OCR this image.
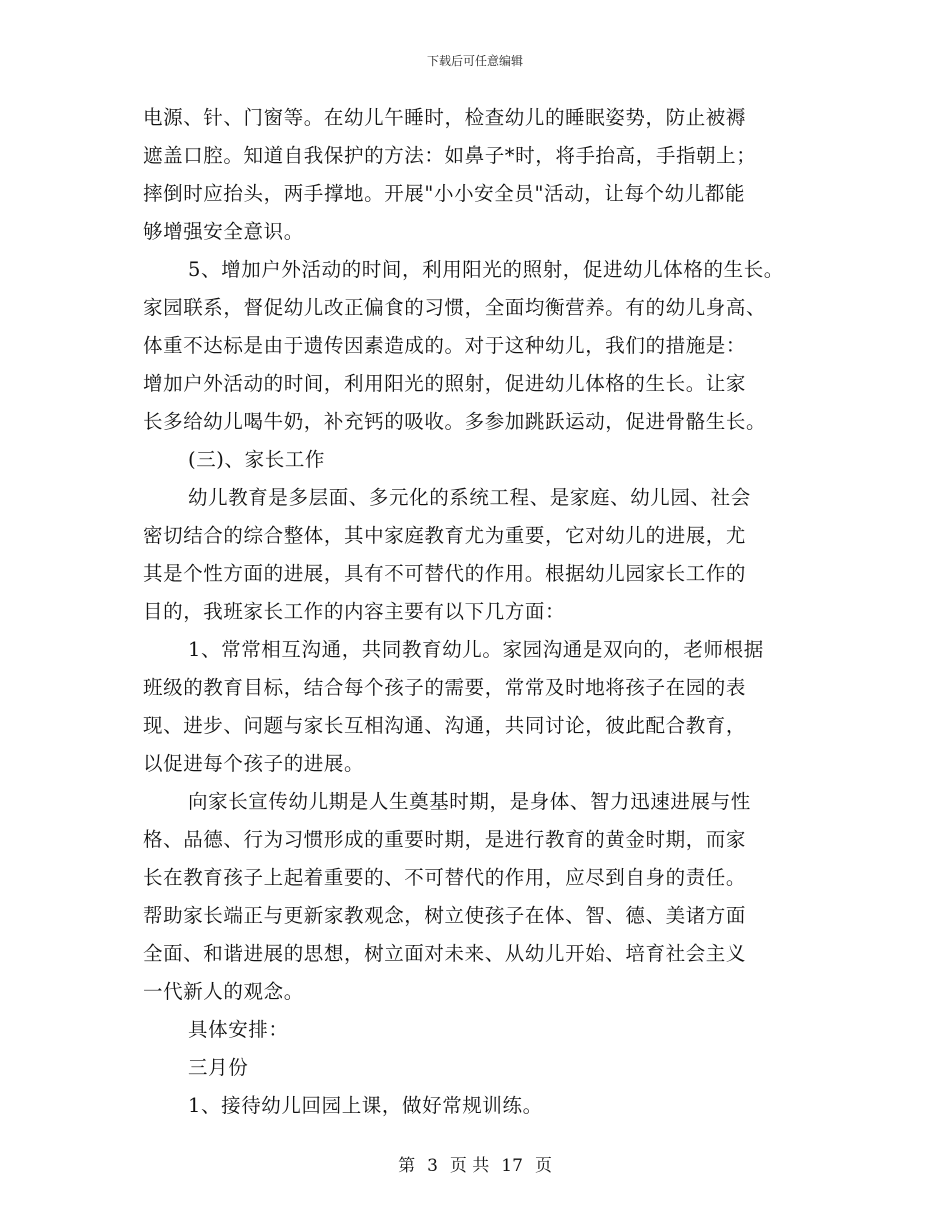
下载后可任意编辑
电源、针、门窗等。在幼儿午睡时，检查幼儿的睡眠姿势，防止被褥
遮盖口腔。知道自我保护的方法：如鼻子*时，将手抬高，手指朝上；
摔倒时应抬头，两手撑地。开展"小小安全员"活动，让每个幼儿都能
够增强安全意识。
5、增加户外活动的时间，利用阳光的照射，促进幼儿体格的生长。
家园联系，督促幼儿改正偏食的习惯，全面均衡营养。有的幼儿身高、
体重不达标是由于遗传因素造成的。对于这种幼儿，我们的措施是：
增加户外活动的时间，利用阳光的照射，促进幼儿体格的生长。让家
长多给幼儿喝牛奶，补充钙的吸收。多参加跳跃运动，促进骨骼生长。
(三)、家长工作
幼儿教育是多层面、多元化的系统工程、是家庭、幼儿园、社会
密切结合的综合整体，其中家庭教育尤为重要，它对幼儿的进展，尤
其是个性方面的进展，具有不可替代的作用。根据幼儿园家长工作的
目的，我班家长工作的内容主要有以下几方面：
1、常常相互沟通，共同教育幼儿。家园沟通是双向的，老师根据
班级的教育目标，结合每个孩子的需要，常常及时地将孩子在园的表
现、进步、问题与家长互相沟通、沟通，共同讨论，彼此配合教育，
以促进每个孩子的进展。
向家长宣传幼儿期是人生奠基时期，是身体、智力迅速进展与性
格、品德、行为习惯形成的重要时期，是进行教育的黄金时期，而家
长在教育孩子上起着重要的、不可替代的作用，应尽到自身的责任。
帮助家长端正与更新家教观念，树立使孩子在体、智、德、美诸方面
全面、和谐进展的思想，树立面对未来、从幼儿开始、培育社会主义
一代新人的观念。
具体安排：
三月份
1、接待幼儿回园上课，做好常规训练。
第 3 页 共 17 页
